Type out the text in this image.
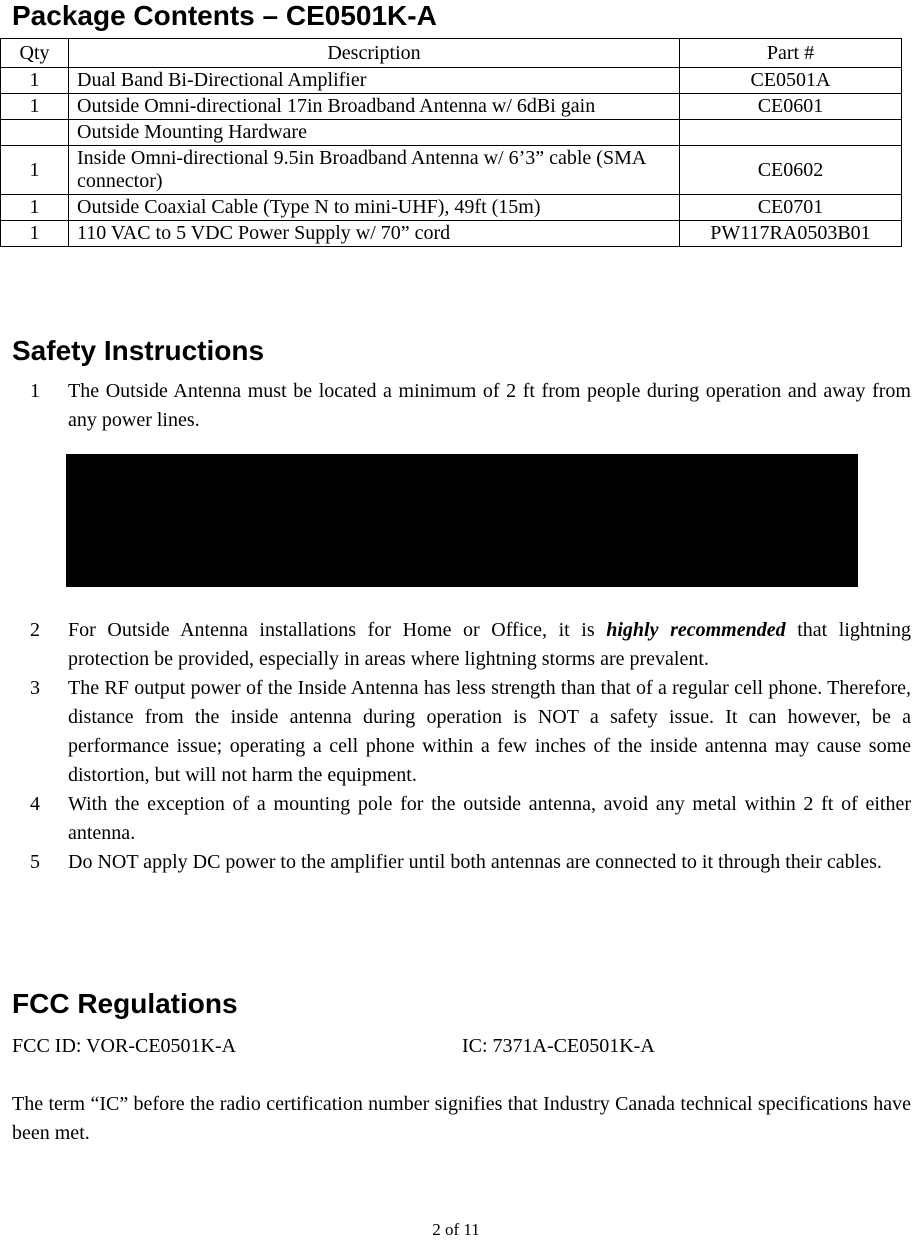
Package Contents – CE0501K-A
Qty	Description	Part #
1	Dual Band Bi-Directional Amplifier	CE0501A
1	Outside Omni-directional 17in Broadband Antenna w/ 6dBi gain	CE0601
	Outside Mounting Hardware	
1	Inside Omni-directional 9.5in Broadband Antenna w/ 6’3” cable (SMA connector)	CE0602
1	Outside Coaxial Cable (Type N to mini-UHF), 49ft (15m)	CE0701
1	110 VAC to 5 VDC Power Supply w/ 70” cord	PW117RA0503B01
Safety Instructions
1 The Outside Antenna must be located a minimum of 2 ft from people during operation and away from any power lines.
2 For Outside Antenna installations for Home or Office, it is highly recommended that lightning protection be provided, especially in areas where lightning storms are prevalent.
3 The RF output power of the Inside Antenna has less strength than that of a regular cell phone. Therefore, distance from the inside antenna during operation is NOT a safety issue. It can however, be a performance issue; operating a cell phone within a few inches of the inside antenna may cause some distortion, but will not harm the equipment.
4 With the exception of a mounting pole for the outside antenna, avoid any metal within 2 ft of either antenna.
5 Do NOT apply DC power to the amplifier until both antennas are connected to it through their cables.
FCC Regulations
FCC ID: VOR-CE0501K-A	IC: 7371A-CE0501K-A

The term “IC” before the radio certification number signifies that Industry Canada technical specifications have been met.

2 of 11
